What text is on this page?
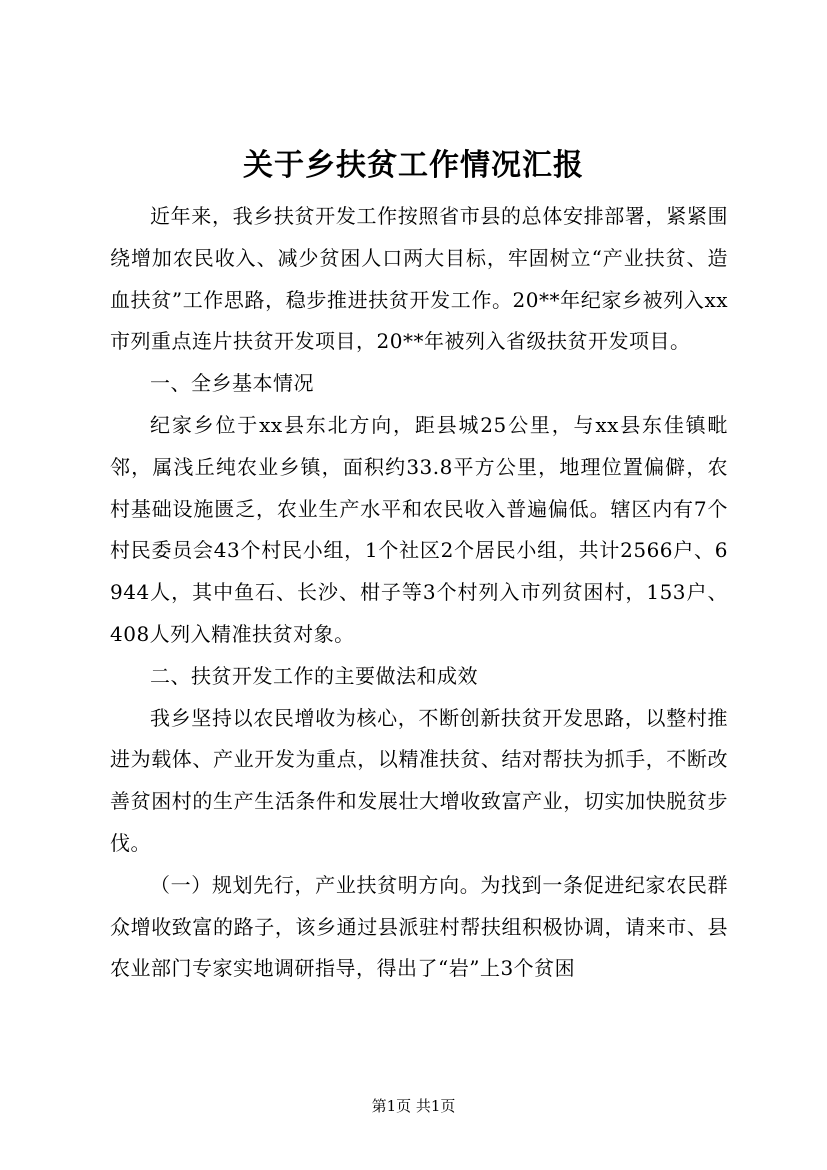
关于乡扶贫工作情况汇报

近年来，我乡扶贫开发工作按照省市县的总体安排部署，紧紧围绕增加农民收入、减少贫困人口两大目标，牢固树立“产业扶贫、造血扶贫”工作思路，稳步推进扶贫开发工作。20**年纪家乡被列入xx市列重点连片扶贫开发项目，20**年被列入省级扶贫开发项目。

一、全乡基本情况

纪家乡位于xx县东北方向，距县城25公里，与xx县东佳镇毗邻，属浅丘纯农业乡镇，面积约33.8平方公里，地理位置偏僻，农村基础设施匮乏，农业生产水平和农民收入普遍偏低。辖区内有7个村民委员会43个村民小组，1个社区2个居民小组，共计2566户、6944人，其中鱼石、长沙、柑子等3个村列入市列贫困村，153户、408人列入精准扶贫对象。

二、扶贫开发工作的主要做法和成效

我乡坚持以农民增收为核心，不断创新扶贫开发思路，以整村推进为载体、产业开发为重点，以精准扶贫、结对帮扶为抓手，不断改善贫困村的生产生活条件和发展壮大增收致富产业，切实加快脱贫步伐。

（一）规划先行，产业扶贫明方向。为找到一条促进纪家农民群众增收致富的路子，该乡通过县派驻村帮扶组积极协调，请来市、县农业部门专家实地调研指导，得出了“岩”上3个贫困

第1页 共1页
